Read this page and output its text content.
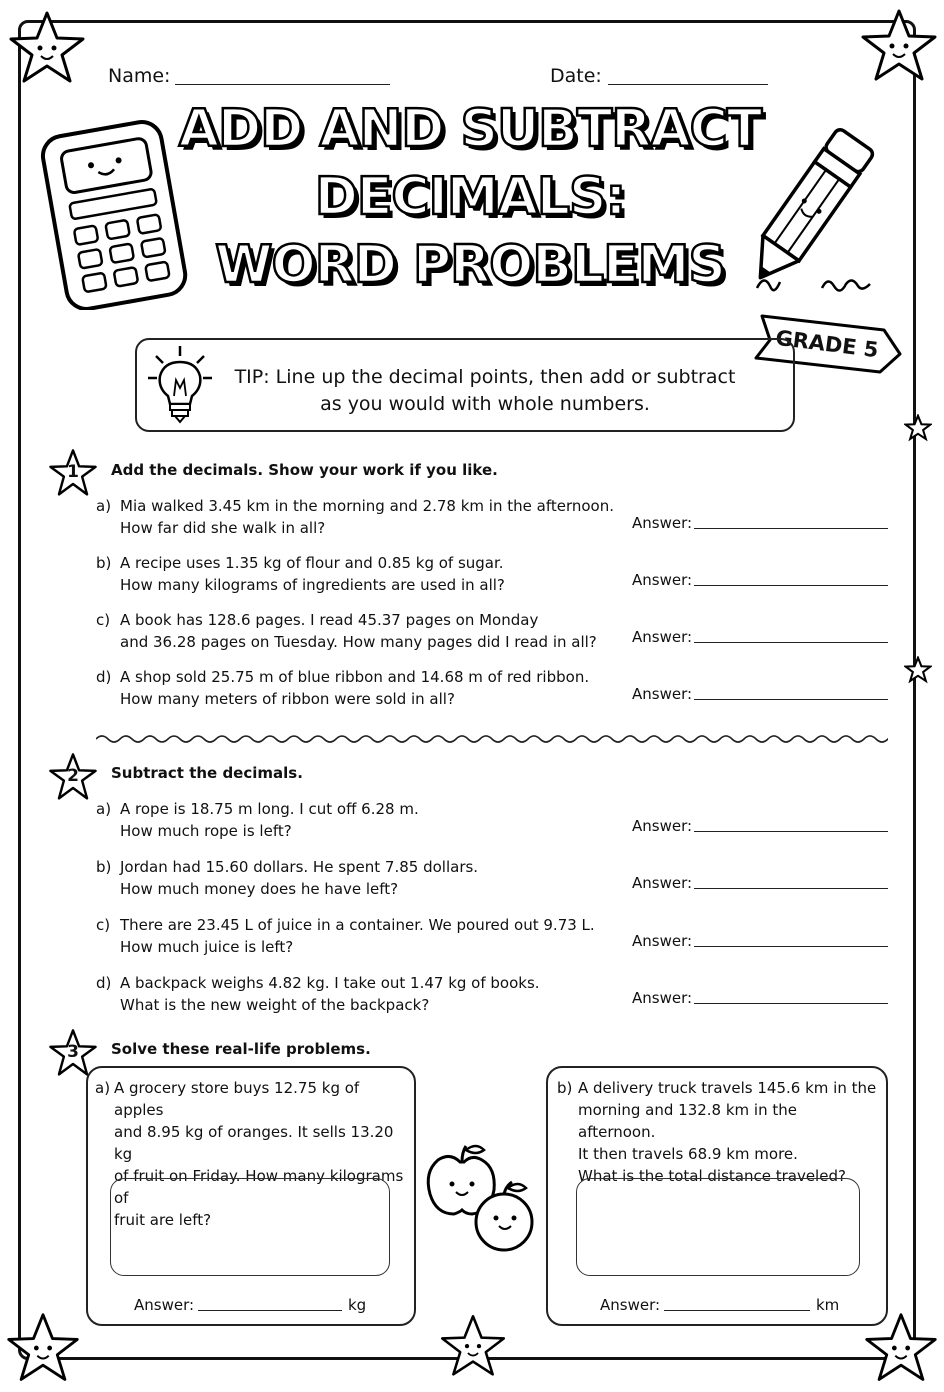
Name:	Date:
ADD AND SUBTRACT
DECIMALS:
WORD PROBLEMS
GRADE 5
TIP: Line up the decimal points, then add or subtract
as you would with whole numbers.
1	Add the decimals. Show your work if you like.
a) Mia walked 3.45 km in the morning and 2.78 km in the afternoon.
How far did she walk in all?	Answer:
b) A recipe uses 1.35 kg of flour and 0.85 kg of sugar.
How many kilograms of ingredients are used in all?	Answer:
c) A book has 128.6 pages. I read 45.37 pages on Monday
and 36.28 pages on Tuesday. How many pages did I read in all?	Answer:
d) A shop sold 25.75 m of blue ribbon and 14.68 m of red ribbon.
How many meters of ribbon were sold in all?	Answer:
2	Subtract the decimals.
a) A rope is 18.75 m long. I cut off 6.28 m.
How much rope is left?	Answer:
b) Jordan had 15.60 dollars. He spent 7.85 dollars.
How much money does he have left?	Answer:
c) There are 23.45 L of juice in a container. We poured out 9.73 L.
How much juice is left?	Answer:
d) A backpack weighs 4.82 kg. I take out 1.47 kg of books.
What is the new weight of the backpack?	Answer:
3	Solve these real-life problems.
a) A grocery store buys 12.75 kg of apples
and 8.95 kg of oranges. It sells 13.20 kg
of fruit on Friday. How many kilograms of
fruit are left?
Answer:	kg
b) A delivery truck travels 145.6 km in the
morning and 132.8 km in the afternoon.
It then travels 68.9 km more.
What is the total distance traveled?
Answer:	km
